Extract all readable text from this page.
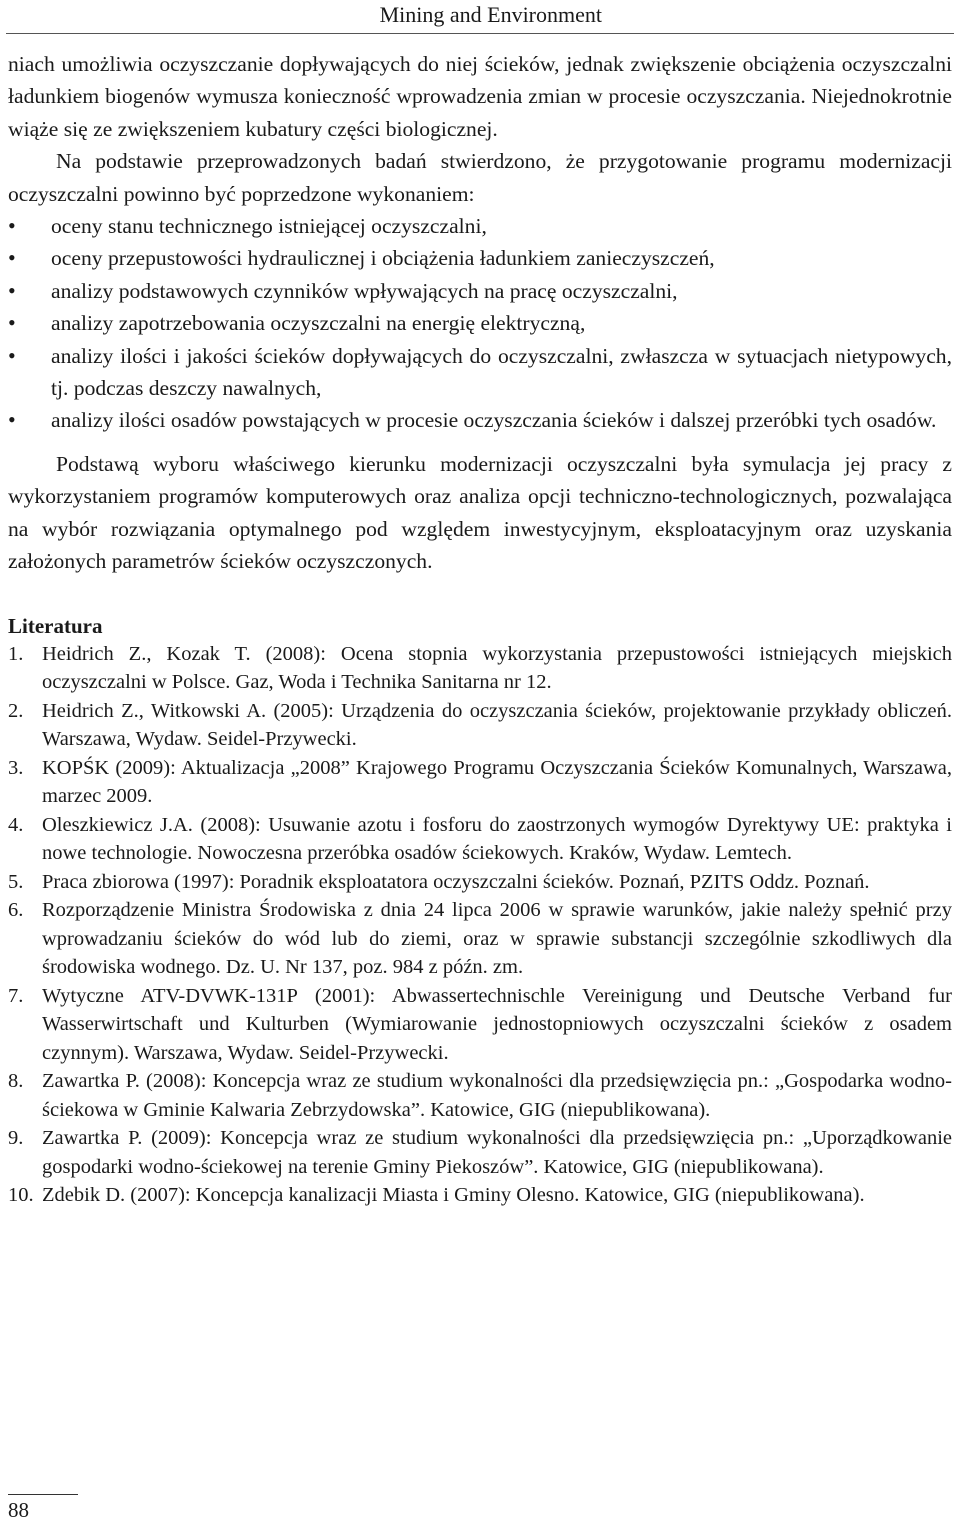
Mining and Environment

niach umożliwia oczyszczanie dopływających do niej ścieków, jednak zwiększenie obciążenia oczyszczalni ładunkiem biogenów wymusza konieczność wprowadzenia zmian w procesie oczyszczania. Niejednokrotnie wiąże się ze zwiększeniem kubatury części biologicznej.

Na podstawie przeprowadzonych badań stwierdzono, że przygotowanie programu modernizacji oczyszczalni powinno być poprzedzone wykonaniem:

• oceny stanu technicznego istniejącej oczyszczalni,
• oceny przepustowości hydraulicznej i obciążenia ładunkiem zanieczyszczeń,
• analizy podstawowych czynników wpływających na pracę oczyszczalni,
• analizy zapotrzebowania oczyszczalni na energię elektryczną,
• analizy ilości i jakości ścieków dopływających do oczyszczalni, zwłaszcza w sytuacjach nietypowych, tj. podczas deszczy nawalnych,
• analizy ilości osadów powstających w procesie oczyszczania ścieków i dalszej przeróbki tych osadów.

Podstawą wyboru właściwego kierunku modernizacji oczyszczalni była symulacja jej pracy z wykorzystaniem programów komputerowych oraz analiza opcji techniczno-technologicznych, pozwalająca na wybór rozwiązania optymalnego pod względem inwestycyjnym, eksploatacyjnym oraz uzyskania założonych parametrów ścieków oczyszczonych.

Literatura
1. Heidrich Z., Kozak T. (2008): Ocena stopnia wykorzystania przepustowości istniejących miejskich oczyszczalni w Polsce. Gaz, Woda i Technika Sanitarna nr 12.
2. Heidrich Z., Witkowski A. (2005): Urządzenia do oczyszczania ścieków, projektowanie przykłady obliczeń. Warszawa, Wydaw. Seidel-Przywecki.
3. KOPŚK (2009): Aktualizacja „2008” Krajowego Programu Oczyszczania Ścieków Komunalnych, Warszawa, marzec 2009.
4. Oleszkiewicz J.A. (2008): Usuwanie azotu i fosforu do zaostrzonych wymogów Dyrektywy UE: praktyka i nowe technologie. Nowoczesna przeróbka osadów ściekowych. Kraków, Wydaw. Lemtech.
5. Praca zbiorowa (1997): Poradnik eksploatatora oczyszczalni ścieków. Poznań, PZITS Oddz. Poznań.
6. Rozporządzenie Ministra Środowiska z dnia 24 lipca 2006 w sprawie warunków, jakie należy spełnić przy wprowadzaniu ścieków do wód lub do ziemi, oraz w sprawie substancji szczególnie szkodliwych dla środowiska wodnego. Dz. U. Nr 137, poz. 984 z późn. zm.
7. Wytyczne ATV-DVWK-131P (2001): Abwassertechnischle Vereinigung und Deutsche Verband fur Wasserwirtschaft und Kulturben (Wymiarowanie jednostopniowych oczyszczalni ścieków z osadem czynnym). Warszawa, Wydaw. Seidel-Przywecki.
8. Zawartka P. (2008): Koncepcja wraz ze studium wykonalności dla przedsięwzięcia pn.: „Gospodarka wodno-ściekowa w Gminie Kalwaria Zebrzydowska”. Katowice, GIG (niepublikowana).
9. Zawartka P. (2009): Koncepcja wraz ze studium wykonalności dla przedsięwzięcia pn.: „Uporządkowanie gospodarki wodno-ściekowej na terenie Gminy Piekoszów”. Katowice, GIG (niepublikowana).
10. Zdebik D. (2007): Koncepcja kanalizacji Miasta i Gminy Olesno. Katowice, GIG (niepublikowana).
88
